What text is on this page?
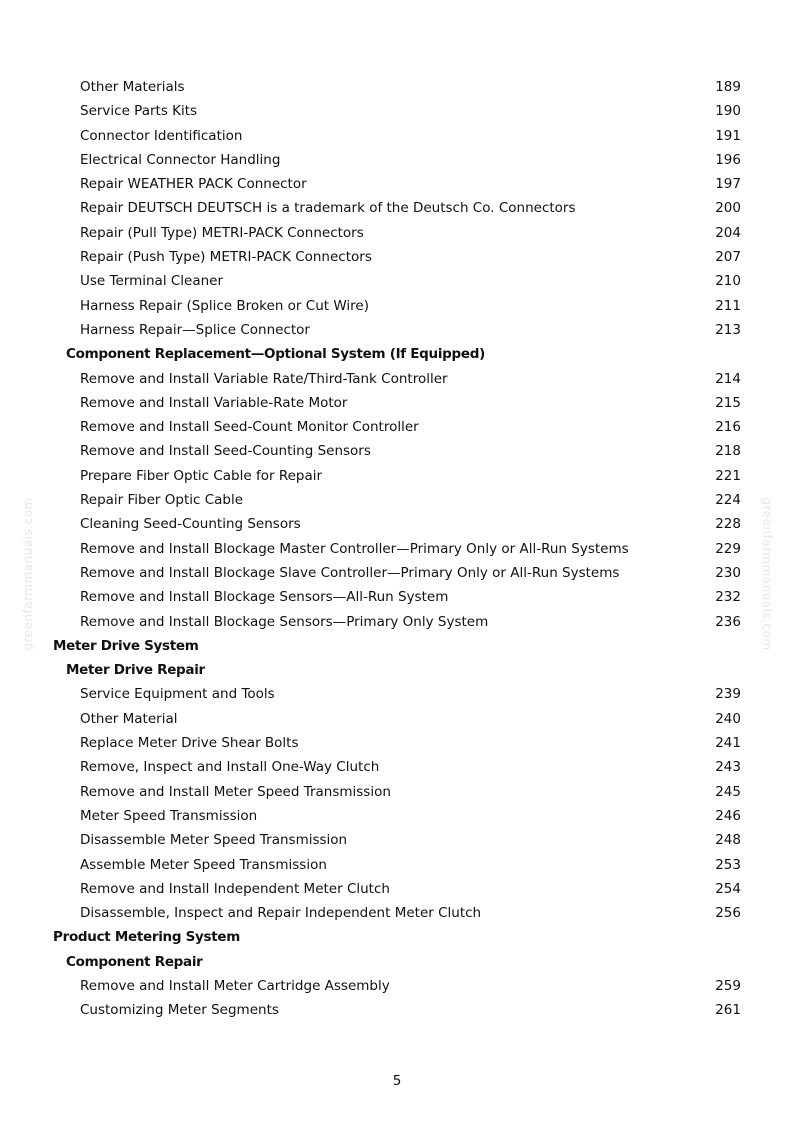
Other Materials	189
Service Parts Kits	190
Connector Identification	191
Electrical Connector Handling	196
Repair WEATHER PACK Connector	197
Repair DEUTSCH DEUTSCH is a trademark of the Deutsch Co. Connectors	200
Repair (Pull Type) METRI-PACK Connectors	204
Repair (Push Type) METRI-PACK Connectors	207
Use Terminal Cleaner	210
Harness Repair (Splice Broken or Cut Wire)	211
Harness Repair—Splice Connector	213
Component Replacement—Optional System (If Equipped)
Remove and Install Variable Rate/Third-Tank Controller	214
Remove and Install Variable-Rate Motor	215
Remove and Install Seed-Count Monitor Controller	216
Remove and Install Seed-Counting Sensors	218
Prepare Fiber Optic Cable for Repair	221
Repair Fiber Optic Cable	224
Cleaning Seed-Counting Sensors	228
Remove and Install Blockage Master Controller—Primary Only or All-Run Systems	229
Remove and Install Blockage Slave Controller—Primary Only or All-Run Systems	230
Remove and Install Blockage Sensors—All-Run System	232
Remove and Install Blockage Sensors—Primary Only System	236
Meter Drive System
Meter Drive Repair
Service Equipment and Tools	239
Other Material	240
Replace Meter Drive Shear Bolts	241
Remove, Inspect and Install One-Way Clutch	243
Remove and Install Meter Speed Transmission	245
Meter Speed Transmission	246
Disassemble Meter Speed Transmission	248
Assemble Meter Speed Transmission	253
Remove and Install Independent Meter Clutch	254
Disassemble, Inspect and Repair Independent Meter Clutch	256
Product Metering System
Component Repair
Remove and Install Meter Cartridge Assembly	259
Customizing Meter Segments	261
5
greenfarmmanuals.com	greenfarmmanuals.com
